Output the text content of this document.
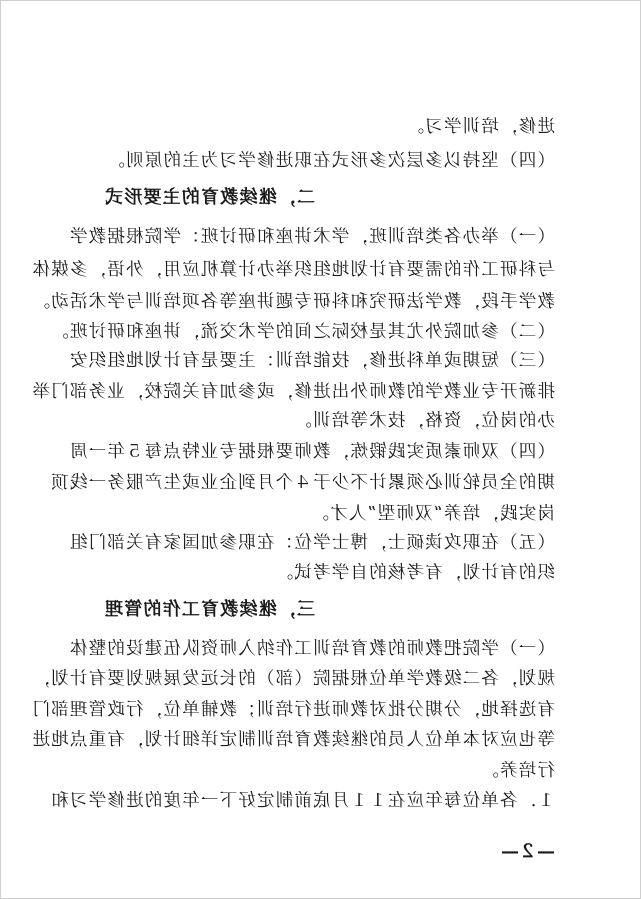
进修，培训学习。
（四）坚持以多层次多形式在职进修学习为主的原则。
二，继续教育的主要形式
（一）举办各类培训班，学术讲座和研讨班：学院根据教学
与科研工作的需要有计划地组织举办计算机应用，外语，多媒体
教学手段，教学法研究和科研专题讲座等各项培训与学术活动。
（二）参加院外尤其是校际之间的学术交流，讲座和研讨班。
（三）短期或单科进修，技能培训：主要是有计划地组织安
排新开专业教学的教师外出进修，或参加有关院校，业务部门举
办的岗位，资格，技术等培训。
（四）双师素质实践锻炼，教师要根据专业特点每５年一周
期的全员轮训必须累计不少于４个月到企业或生产服务一线顶
岗实践，培养“双师型”人才。
（五）在职攻读硕士，博士学位：在职参加国家有关部门组
织的有计划，有考核的自学考试。
三，继续教育工作的管理
（一）学院把教师的教育培训工作纳入师资队伍建设的整体
规划，各二级教学单位根据院（部）的长远发展规划要有计划，
有选择地，分期分批对教师进行培训；教辅单位，行政管理部门
等也应对本单位人员的继续教育培训制定详细计划，有重点地进
行培养。
１．各单位每年应在１１月底前制定好下一年度的进修学习和
—２—
